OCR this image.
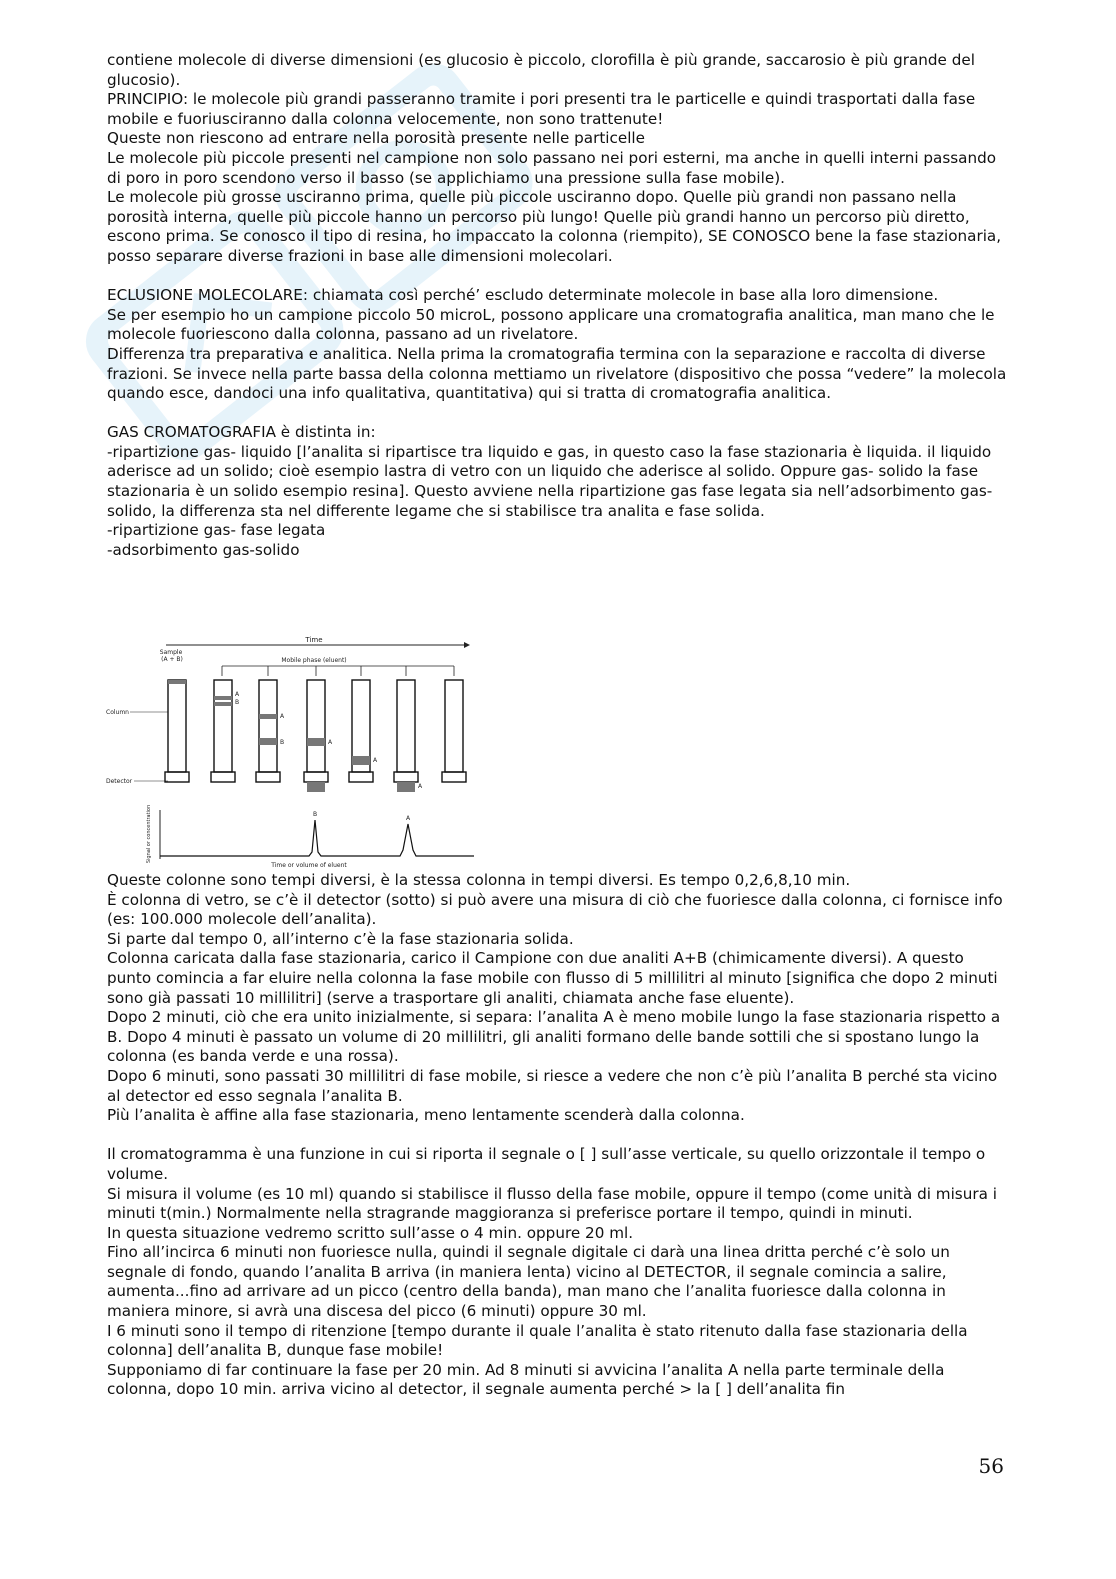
contiene molecole di diverse dimensioni (es glucosio è piccolo, clorofilla è più grande, saccarosio è più grande del glucosio).

PRINCIPIO: le molecole più grandi passeranno tramite i pori presenti tra le particelle e quindi trasportati dalla fase mobile e fuoriusciranno dalla colonna velocemente, non sono trattenute!

Queste non riescono ad entrare nella porosità presente nelle particelle

Le molecole più piccole presenti nel campione non solo passano nei pori esterni, ma anche in quelli interni passando di poro in poro scendono verso il basso (se applichiamo una pressione sulla fase mobile).

Le molecole più grosse usciranno prima, quelle più piccole usciranno dopo. Quelle più grandi non passano nella porosità interna, quelle più piccole hanno un percorso più lungo! Quelle più grandi hanno un percorso più diretto, escono prima. Se conosco il tipo di resina, ho impaccato la colonna (riempito), SE CONOSCO bene la fase stazionaria, posso separare diverse frazioni in base alle dimensioni molecolari.

ECLUSIONE MOLECOLARE: chiamata così perché’ escludo determinate molecole in base alla loro dimensione.

Se per esempio ho un campione piccolo 50 microL, possono applicare una cromatografia analitica, man mano che le molecole fuoriescono dalla colonna, passano ad un rivelatore.

Differenza tra preparativa e analitica. Nella prima la cromatografia termina con la separazione e raccolta di diverse frazioni. Se invece nella parte bassa della colonna mettiamo un rivelatore (dispositivo che possa “vedere” la molecola quando esce, dandoci una info qualitativa, quantitativa) qui si tratta di cromatografia analitica.

GAS CROMATOGRAFIA è distinta in:

-ripartizione gas- liquido [l’analita si ripartisce tra liquido e gas, in questo caso la fase stazionaria è liquida. il liquido aderisce ad un solido; cioè esempio lastra di vetro con un liquido che aderisce al solido. Oppure gas- solido la fase stazionaria è un solido esempio resina]. Questo avviene nella ripartizione gas fase legata sia nell’adsorbimento gas- solido, la differenza sta nel differente legame che si stabilisce tra analita e fase solida.

-ripartizione gas- fase legata

-adsorbimento gas-solido

Time
Sample (A + B)	Mobile phase (eluent)
Column
Detector
A
B
A
B	A
A
A
Signal or concentration	B
A
Time or volume of eluent

Queste colonne sono tempi diversi, è la stessa colonna in tempi diversi. Es tempo 0,2,6,8,10 min.

È colonna di vetro, se c’è il detector (sotto) si può avere una misura di ciò che fuoriesce dalla colonna, ci fornisce info (es: 100.000 molecole dell’analita).

Si parte dal tempo 0, all’interno c’è la fase stazionaria solida.

Colonna caricata dalla fase stazionaria, carico il Campione con due analiti A+B (chimicamente diversi). A questo punto comincia a far eluire nella colonna la fase mobile con flusso di 5 millilitri al minuto [significa che dopo 2 minuti sono già passati 10 millilitri] (serve a trasportare gli analiti, chiamata anche fase eluente).

Dopo 2 minuti, ciò che era unito inizialmente, si separa: l’analita A è meno mobile lungo la fase stazionaria rispetto a B. Dopo 4 minuti è passato un volume di 20 millilitri, gli analiti formano delle bande sottili che si spostano lungo la colonna (es banda verde e una rossa).

Dopo 6 minuti, sono passati 30 millilitri di fase mobile, si riesce a vedere che non c’è più l’analita B perché sta vicino al detector ed esso segnala l’analita B.

Più l’analita è affine alla fase stazionaria, meno lentamente scenderà dalla colonna.

Il cromatogramma è una funzione in cui si riporta il segnale o [ ] sull’asse verticale, su quello orizzontale il tempo o volume.

Si misura il volume (es 10 ml) quando si stabilisce il flusso della fase mobile, oppure il tempo (come unità di misura i minuti t(min.) Normalmente nella stragrande maggioranza si preferisce portare il tempo, quindi in minuti.

In questa situazione vedremo scritto sull’asse o 4 min. oppure 20 ml.

Fino all’incirca 6 minuti non fuoriesce nulla, quindi il segnale digitale ci darà una linea dritta perché c’è solo un segnale di fondo, quando l’analita B arriva (in maniera lenta) vicino al DETECTOR, il segnale comincia a salire, aumenta...fino ad arrivare ad un picco (centro della banda), man mano che l’analita fuoriesce dalla colonna in maniera minore, si avrà una discesa del picco (6 minuti) oppure 30 ml.

I 6 minuti sono il tempo di ritenzione [tempo durante il quale l’analita è stato ritenuto dalla fase stazionaria della colonna] dell’analita B, dunque fase mobile!

Supponiamo di far continuare la fase per 20 min. Ad 8 minuti si avvicina l’analita A nella parte terminale della colonna, dopo 10 min. arriva vicino al detector, il segnale aumenta perché > la [ ] dell’analita fin

56
